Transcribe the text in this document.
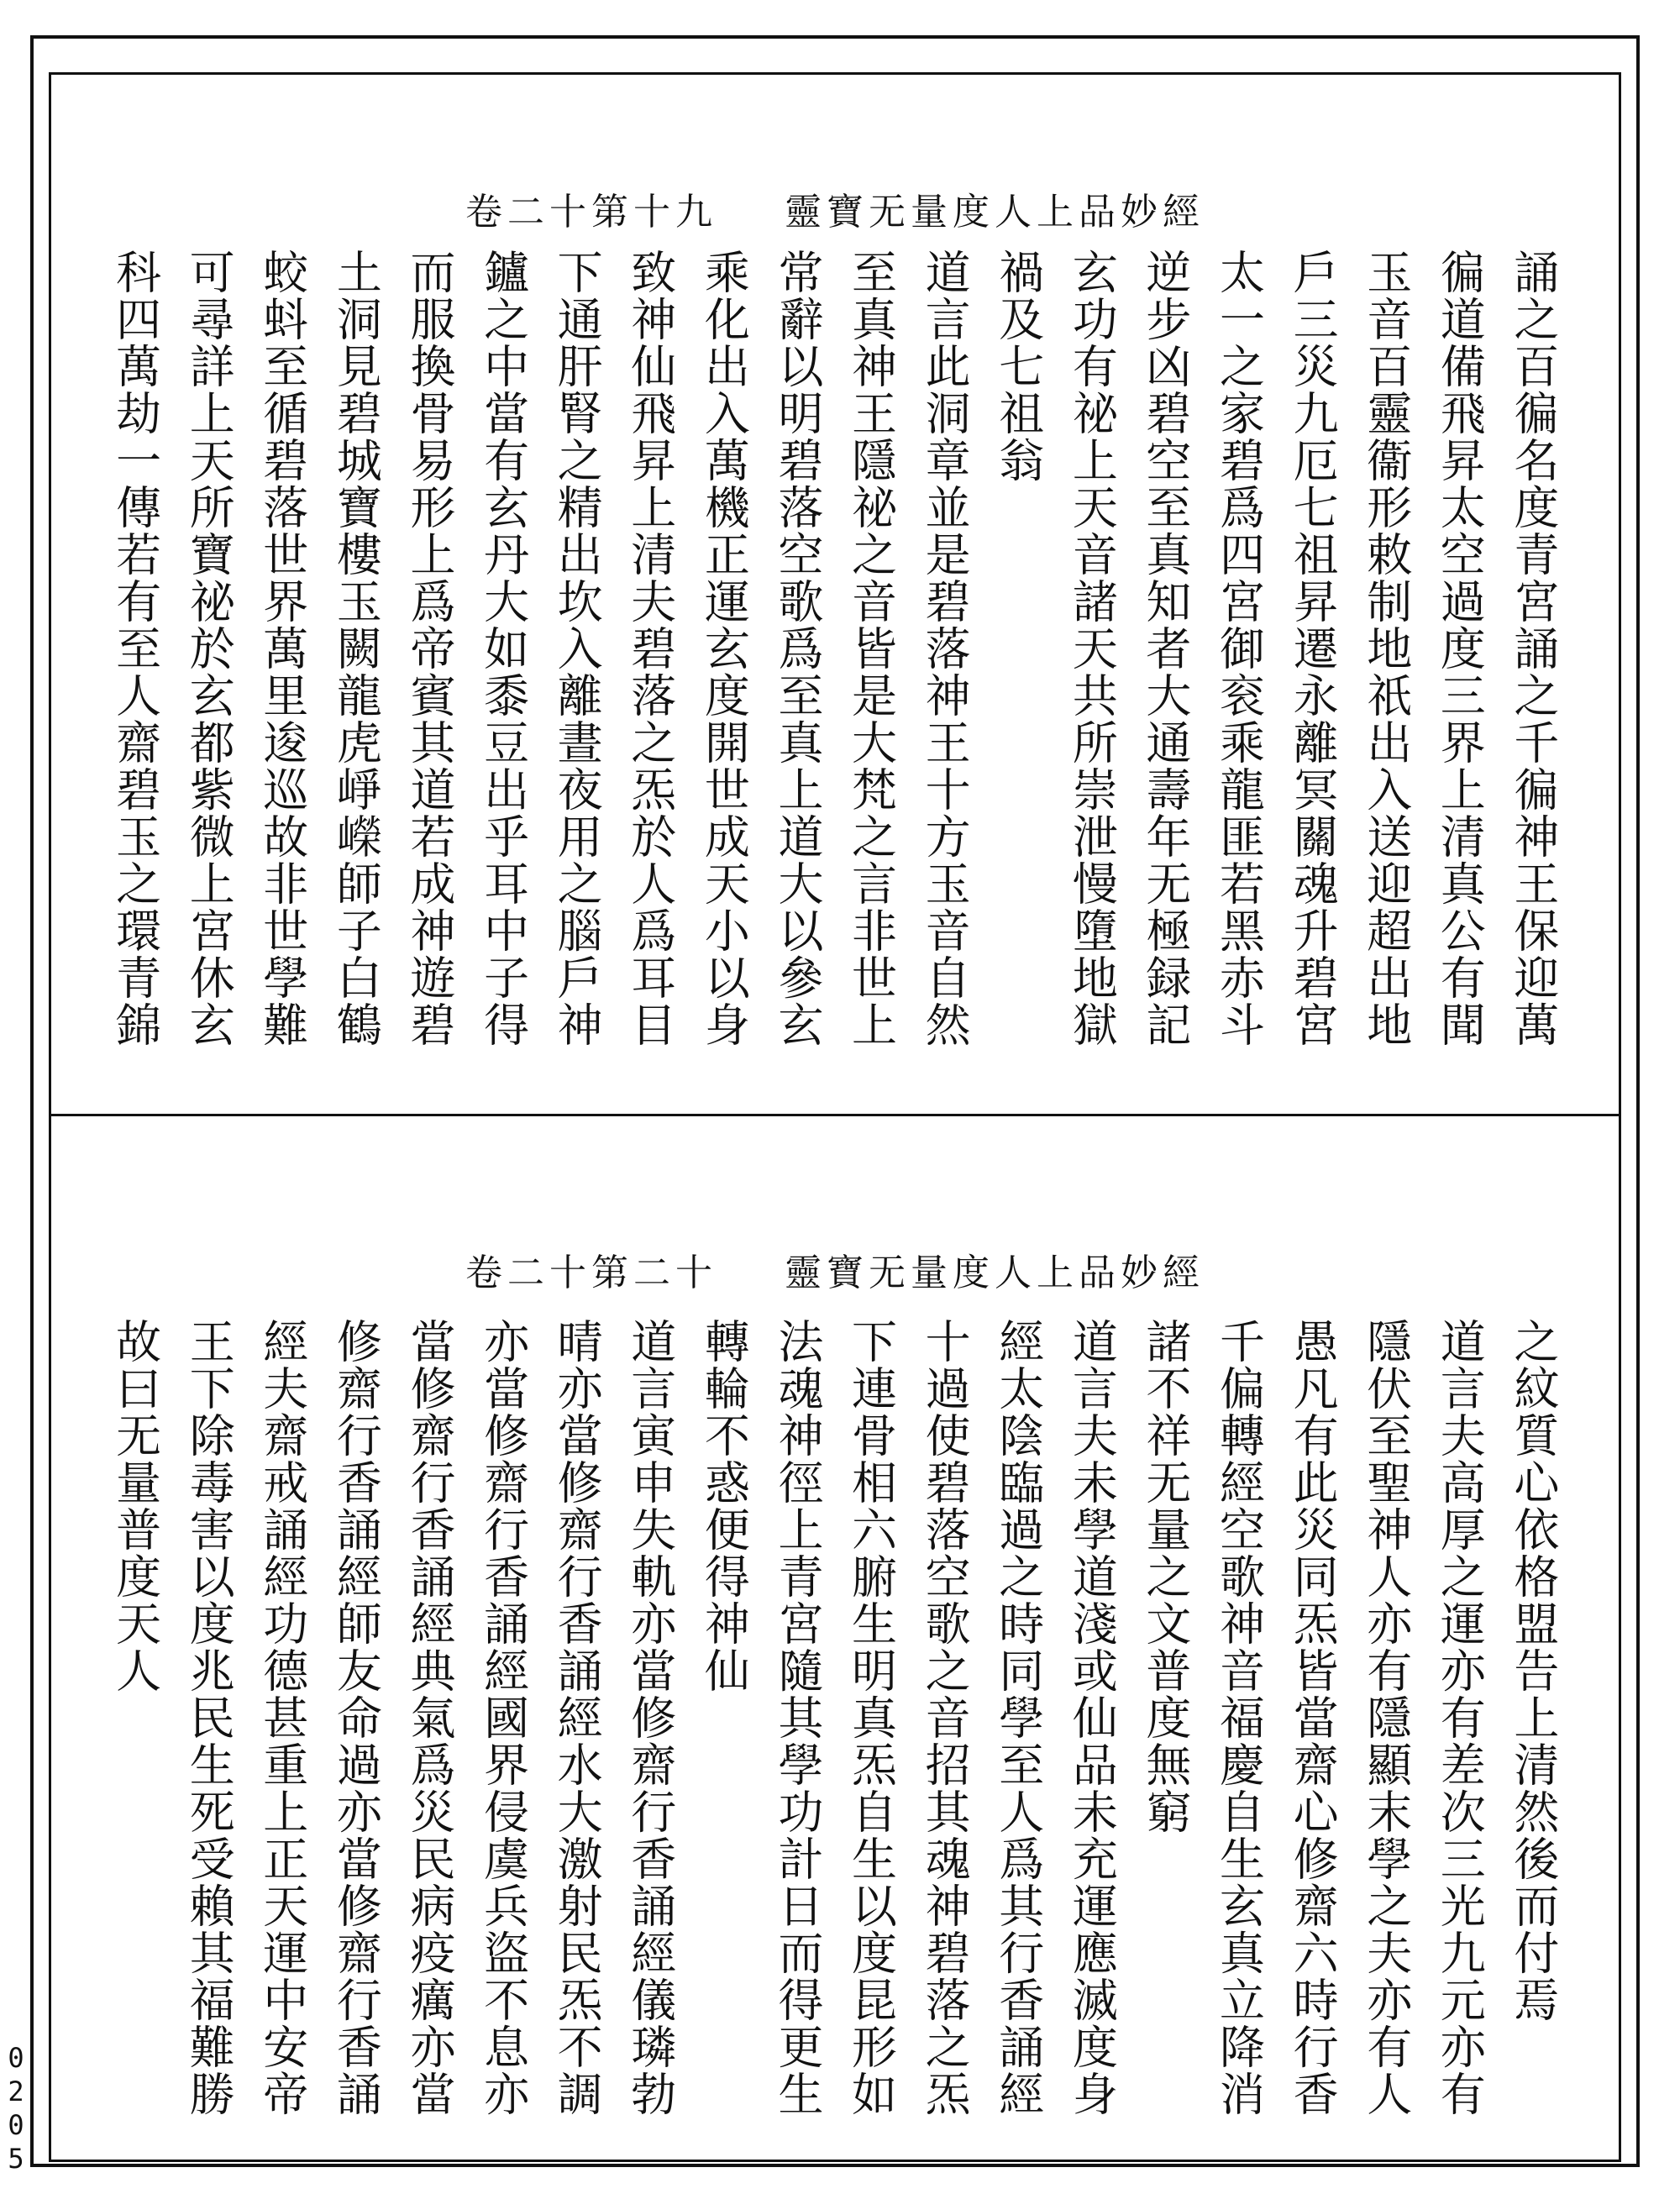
卷二十第十九 靈寶无量度人上品妙經
誦之百徧名度青宮誦之千徧神王保迎萬
徧道備飛昇太空過度三界上清真公有聞
玉音百靈衞形敕制地祇出入送迎超出地
戶三災九厄七祖昇遷永離冥關魂升碧宮
太一之家碧爲四宮御衮乘龍匪若黑赤斗
逆步凶碧空至真知者大通壽年无極録記
玄功有祕上天音諸天共所崇泄慢墮地獄
禍及七祖翁
道言此洞章並是碧落神王十方玉音自然
至真神王隱祕之音皆是大梵之言非世上
常辭以明碧落空歌爲至真上道大以參玄
乘化出入萬機正運玄度開世成天小以身
致神仙飛昇上清夫碧落之炁於人爲耳目
下通肝腎之精出坎入離晝夜用之腦戶神
鑪之中當有玄丹大如黍豆出乎耳中子得
而服換骨易形上爲帝賓其道若成神遊碧
土洞見碧城寶樓玉闕龍虎崢嶸師子白鶴
蛟蚪至循碧落世界萬里逡巡故非世學難
可尋詳上天所寶祕於玄都紫微上宮休玄
科四萬劫一傳若有至人齋碧玉之環青錦
卷二十第二十 靈寶无量度人上品妙經
之紋質心依格盟告上清然後而付焉
道言夫高厚之運亦有差次三光九元亦有
隱伏至聖神人亦有隱顯末學之夫亦有人
愚凡有此災同炁皆當齋心修齋六時行香
千偏轉經空歌神音福慶自生玄真立降消
諸不祥无量之文普度無窮
道言夫未學道淺或仙品未充運應滅度身
經太陰臨過之時同學至人爲其行香誦經
十過使碧落空歌之音招其魂神碧落之炁
下連骨相六腑生明真炁自生以度昆形如
法魂神徑上青宮隨其學功計日而得更生
轉輪不惑便得神仙
道言寅申失軌亦當修齋行香誦經儀璘勃
晴亦當修齋行香誦經水大激射民炁不調
亦當修齋行香誦經國界侵虞兵盜不息亦
當修齋行香誦經典氣爲災民病疫癘亦當
修齋行香誦經師友命過亦當修齋行香誦
經夫齋戒誦經功德甚重上正天運中安帝
王下除毒害以度兆民生死受賴其福難勝
故曰无量普度天人
0
2
0
5
